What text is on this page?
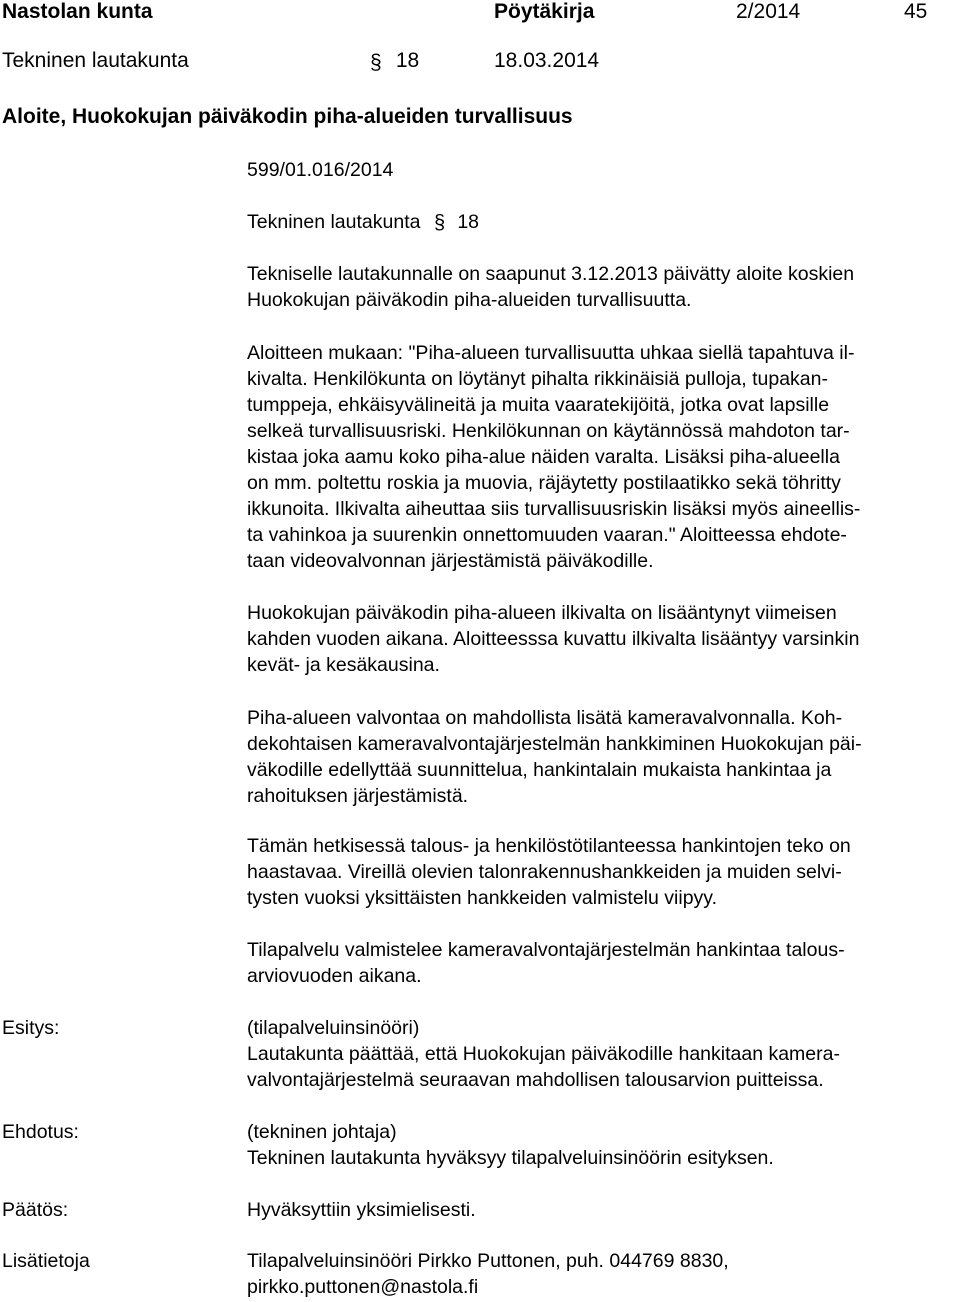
Nastolan kunta	Pöytäkirja	2/2014	45
Tekninen lautakunta	§ 18	18.03.2014
Aloite, Huokokujan päiväkodin piha-alueiden turvallisuus
599/01.016/2014
Tekninen lautakunta § 18
Tekniselle lautakunnalle on saapunut 3.12.2013 päivätty aloite koskien
Huokokujan päiväkodin piha-alueiden turvallisuutta.
Aloitteen mukaan: "Piha-alueen turvallisuutta uhkaa siellä tapahtuva il-
kivalta. Henkilökunta on löytänyt pihalta rikkinäisiä pulloja, tupakan-
tumppeja, ehkäisyvälineitä ja muita vaaratekijöitä, jotka ovat lapsille
selkeä turvallisuusriski. Henkilökunnan on käytännössä mahdoton tar-
kistaa joka aamu koko piha-alue näiden varalta. Lisäksi piha-alueella
on mm. poltettu roskia ja muovia, räjäytetty postilaatikko sekä töhritty
ikkunoita. Ilkivalta aiheuttaa siis turvallisuusriskin lisäksi myös aineellis-
ta vahinkoa ja suurenkin onnettomuuden vaaran." Aloitteessa ehdote-
taan videovalvonnan järjestämistä päiväkodille.
Huokokujan päiväkodin piha-alueen ilkivalta on lisääntynyt viimeisen
kahden vuoden aikana. Aloitteesssa kuvattu ilkivalta lisääntyy varsinkin
kevät- ja kesäkausina.
Piha-alueen valvontaa on mahdollista lisätä kameravalvonnalla. Koh-
dekohtaisen kameravalvontajärjestelmän hankkiminen Huokokujan päi-
väkodille edellyttää suunnittelua, hankintalain mukaista hankintaa ja
rahoituksen järjestämistä.
Tämän hetkisessä talous- ja henkilöstötilanteessa hankintojen teko on
haastavaa. Vireillä olevien talonrakennushankkeiden ja muiden selvi-
tysten vuoksi yksittäisten hankkeiden valmistelu viipyy.
Tilapalvelu valmistelee kameravalvontajärjestelmän hankintaa talous-
arviovuoden aikana.
Esitys:	(tilapalveluinsinööri)
Lautakunta päättää, että Huokokujan päiväkodille hankitaan kamera-
valvontajärjestelmä seuraavan mahdollisen talousarvion puitteissa.
Ehdotus:	(tekninen johtaja)
Tekninen lautakunta hyväksyy tilapalveluinsinöörin esityksen.
Päätös:	Hyväksyttiin yksimielisesti.
Lisätietoja	Tilapalveluinsinööri Pirkko Puttonen, puh. 044769 8830,
pirkko.puttonen@nastola.fi
